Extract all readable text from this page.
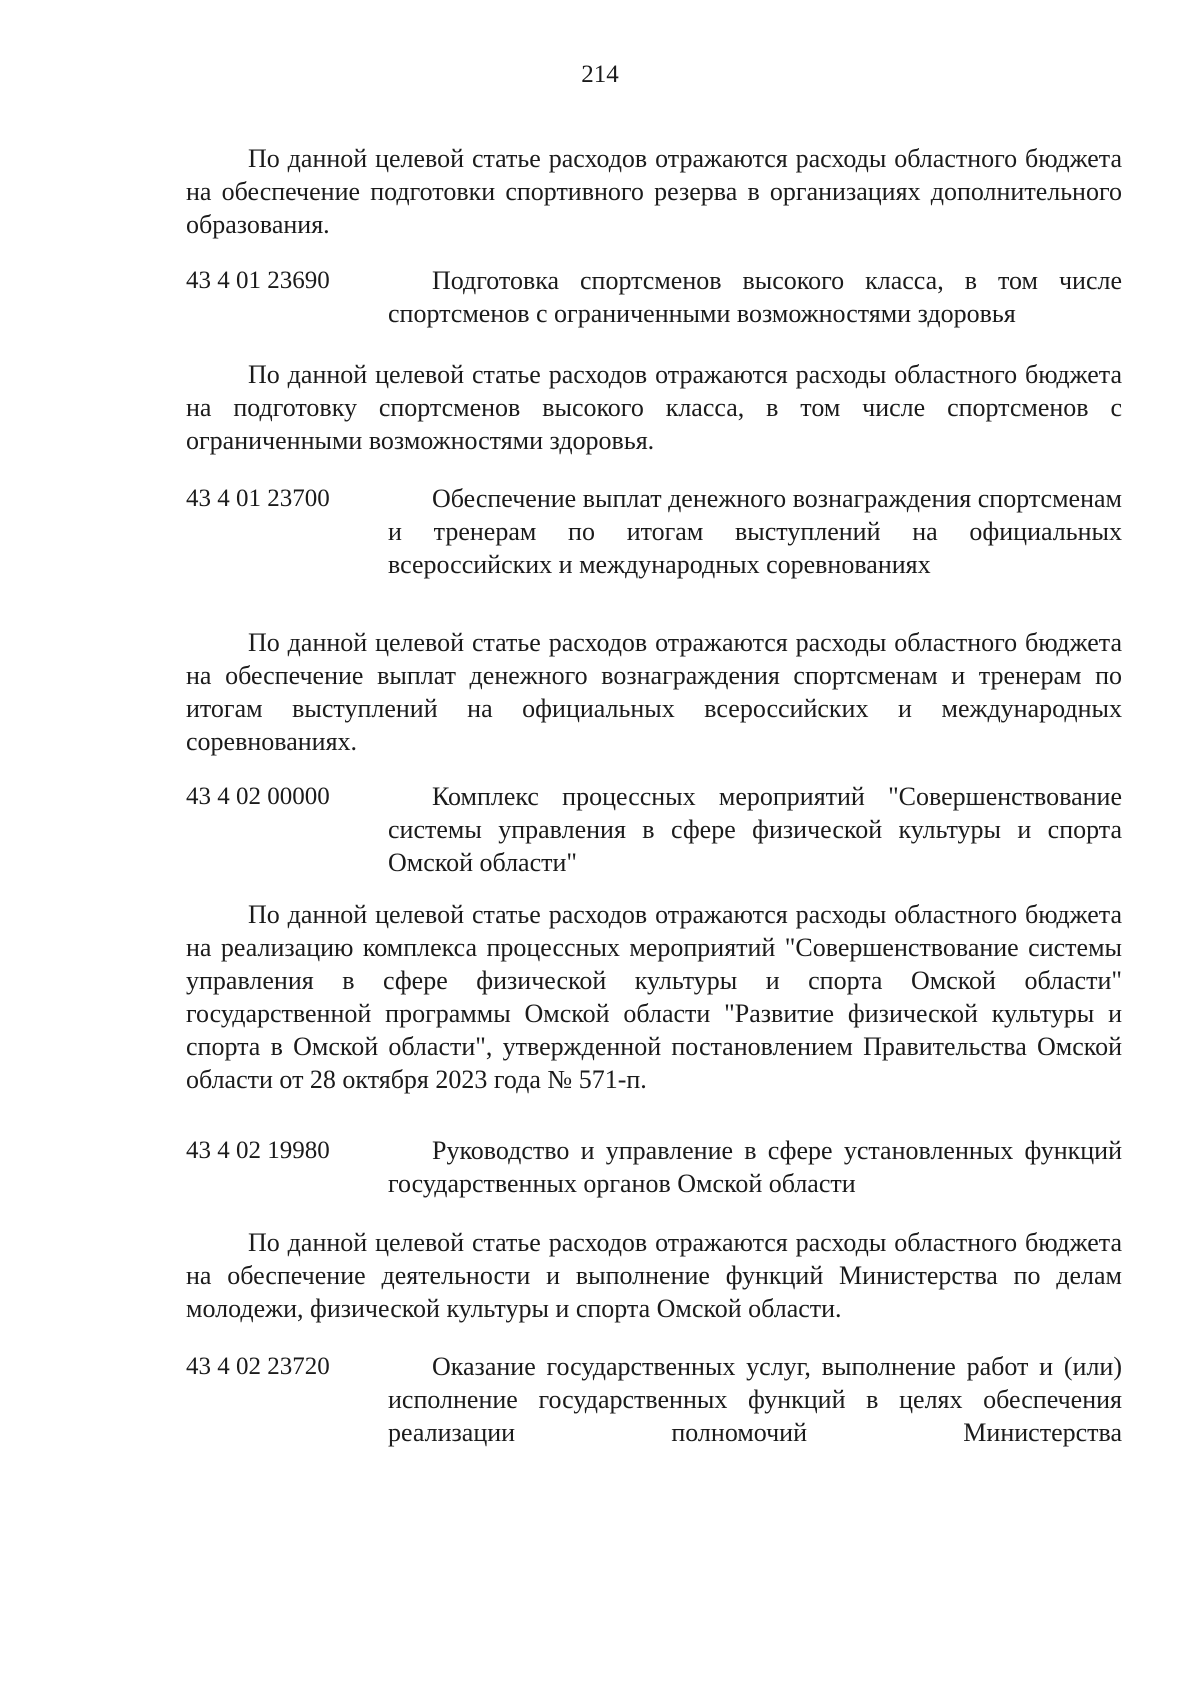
214

По данной целевой статье расходов отражаются расходы областного бюджета на обеспечение подготовки спортивного резерва в организациях дополнительного образования.

43 4 01 23690	Подготовка спортсменов высокого класса, в том числе спортсменов с ограниченными возможностями здоровья

По данной целевой статье расходов отражаются расходы областного бюджета на подготовку спортсменов высокого класса, в том числе спортсменов с ограниченными возможностями здоровья.

43 4 01 23700	Обеспечение выплат денежного вознаграждения спортсменам и тренерам по итогам выступлений на официальных всероссийских и международных соревнованиях

По данной целевой статье расходов отражаются расходы областного бюджета на обеспечение выплат денежного вознаграждения спортсменам и тренерам по итогам выступлений на официальных всероссийских и международных соревнованиях.

43 4 02 00000	Комплекс процессных мероприятий "Совершенствование системы управления в сфере физической культуры и спорта Омской области"

По данной целевой статье расходов отражаются расходы областного бюджета на реализацию комплекса процессных мероприятий "Совершенствование системы управления в сфере физической культуры и спорта Омской области" государственной программы Омской области "Развитие физической культуры и спорта в Омской области", утвержденной постановлением Правительства Омской области от 28 октября 2023 года № 571-п.

43 4 02 19980	Руководство и управление в сфере установленных функций государственных органов Омской области

По данной целевой статье расходов отражаются расходы областного бюджета на обеспечение деятельности и выполнение функций Министерства по делам молодежи, физической культуры и спорта Омской области.

43 4 02 23720	Оказание государственных услуг, выполнение работ и (или) исполнение государственных функций в целях обеспечения реализации полномочий Министерства
